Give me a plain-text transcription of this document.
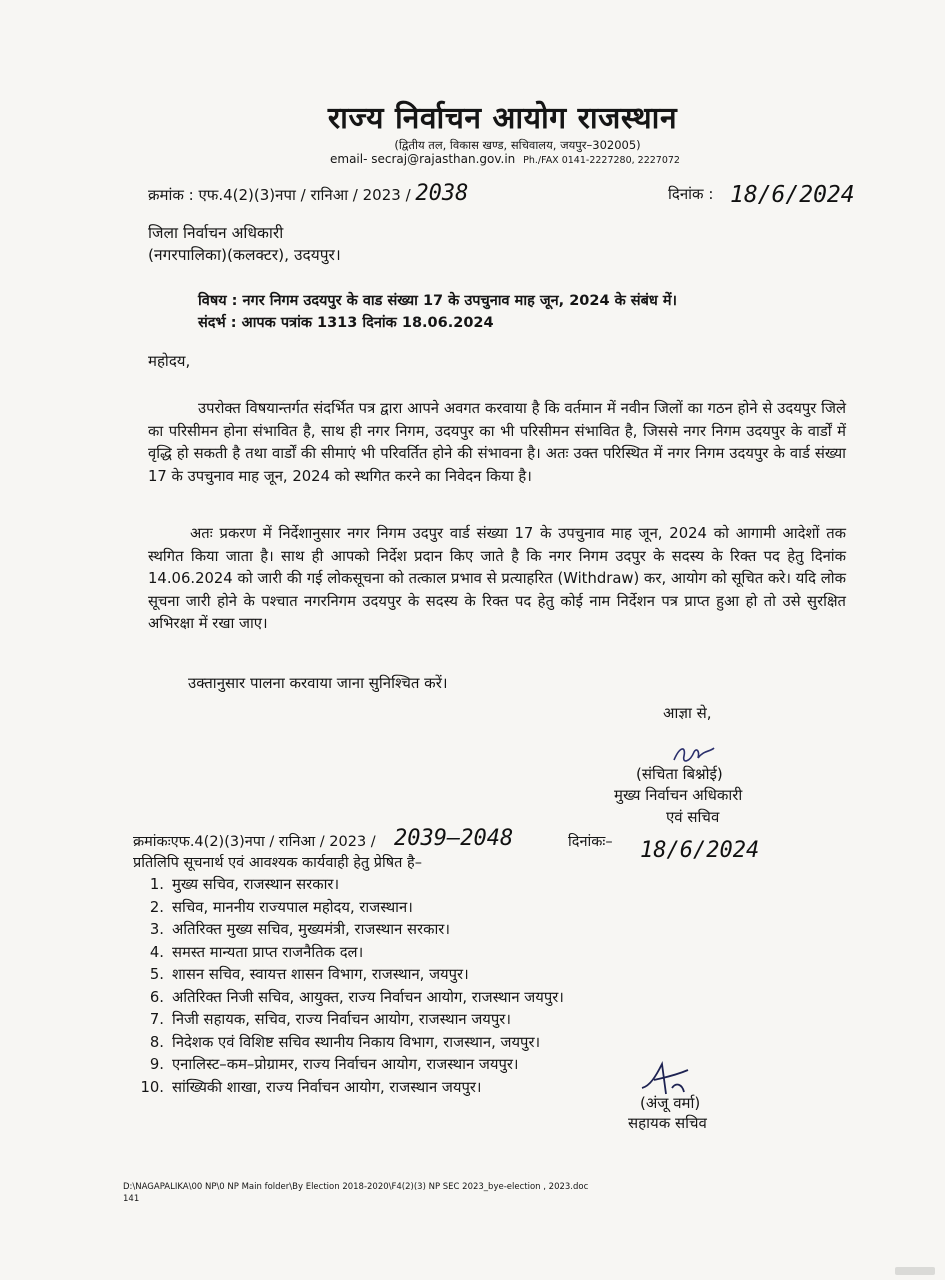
राज्य निर्वाचन आयोग राजस्थान
(द्वितीय तल, विकास खण्ड, सचिवालय, जयपुर–302005)
email- secraj@rajasthan.gov.in Ph./FAX 0141-2227280, 2227072
क्रमांक : एफ.4(2)(3)नपा / रानिआ / 2023 / 2038	दिनांक : 18/6/2024
जिला निर्वाचन अधिकारी
(नगरपालिका)(कलक्टर), उदयपुर।
विषय : नगर निगम उदयपुर के वाड संख्या 17 के उपचुनाव माह जून, 2024 के संबंध में।
संदर्भ : आपक पत्रांक 1313 दिनांक 18.06.2024
महोदय,
उपरोक्त विषयान्तर्गत संदर्भित पत्र द्वारा आपने अवगत करवाया है कि वर्तमान में नवीन जिलों का गठन होने से उदयपुर जिले का परिसीमन होना संभावित है, साथ ही नगर निगम, उदयपुर का भी परिसीमन संभावित है, जिससे नगर निगम उदयपुर के वार्डों में वृद्धि हो सकती है तथा वार्डों की सीमाएं भी परिवर्तित होने की संभावना है। अतः उक्त परिस्थित में नगर निगम उदयपुर के वार्ड संख्या 17 के उपचुनाव माह जून, 2024 को स्थगित करने का निवेदन किया है।
अतः प्रकरण में निर्देशानुसार नगर निगम उदपुर वार्ड संख्या 17 के उपचुनाव माह जून, 2024 को आगामी आदेशों तक स्थगित किया जाता है। साथ ही आपको निर्देश प्रदान किए जाते है कि नगर निगम उदपुर के सदस्य के रिक्त पद हेतु दिनांक 14.06.2024 को जारी की गई लोकसूचना को तत्काल प्रभाव से प्रत्याहरित (Withdraw) कर, आयोग को सूचित करे। यदि लोक सूचना जारी होने के पश्चात नगरनिगम उदयपुर के सदस्य के रिक्त पद हेतु कोई नाम निर्देशन पत्र प्राप्त हुआ हो तो उसे सुरक्षित अभिरक्षा में रखा जाए।
उक्तानुसार पालना करवाया जाना सुनिश्चित करें।
आज्ञा से,
(संचिता बिश्नोई)
मुख्य निर्वाचन अधिकारी
एवं सचिव
क्रमांकःएफ.4(2)(3)नपा / रानिआ / 2023 / 2039–2048	दिनांकः– 18/6/2024
प्रतिलिपि सूचनार्थ एवं आवश्यक कार्यवाही हेतु प्रेषित है–
1. मुख्य सचिव, राजस्थान सरकार।
2. सचिव, माननीय राज्यपाल महोदय, राजस्थान।
3. अतिरिक्त मुख्य सचिव, मुख्यमंत्री, राजस्थान सरकार।
4. समस्त मान्यता प्राप्त राजनैतिक दल।
5. शासन सचिव, स्वायत्त शासन विभाग, राजस्थान, जयपुर।
6. अतिरिक्त निजी सचिव, आयुक्त, राज्य निर्वाचन आयोग, राजस्थान जयपुर।
7. निजी सहायक, सचिव, राज्य निर्वाचन आयोग, राजस्थान जयपुर।
8. निदेशक एवं विशिष्ट सचिव स्थानीय निकाय विभाग, राजस्थान, जयपुर।
9. एनालिस्ट–कम–प्रोग्रामर, राज्य निर्वाचन आयोग, राजस्थान जयपुर।
10. सांख्यिकी शाखा, राज्य निर्वाचन आयोग, राजस्थान जयपुर।
(अंजू वर्मा)
सहायक सचिव
D:\NAGAPALIKA\00 NP\0 NP Main folder\By Election 2018-2020\F4(2)(3) NP SEC 2023_bye-election , 2023.doc
141
